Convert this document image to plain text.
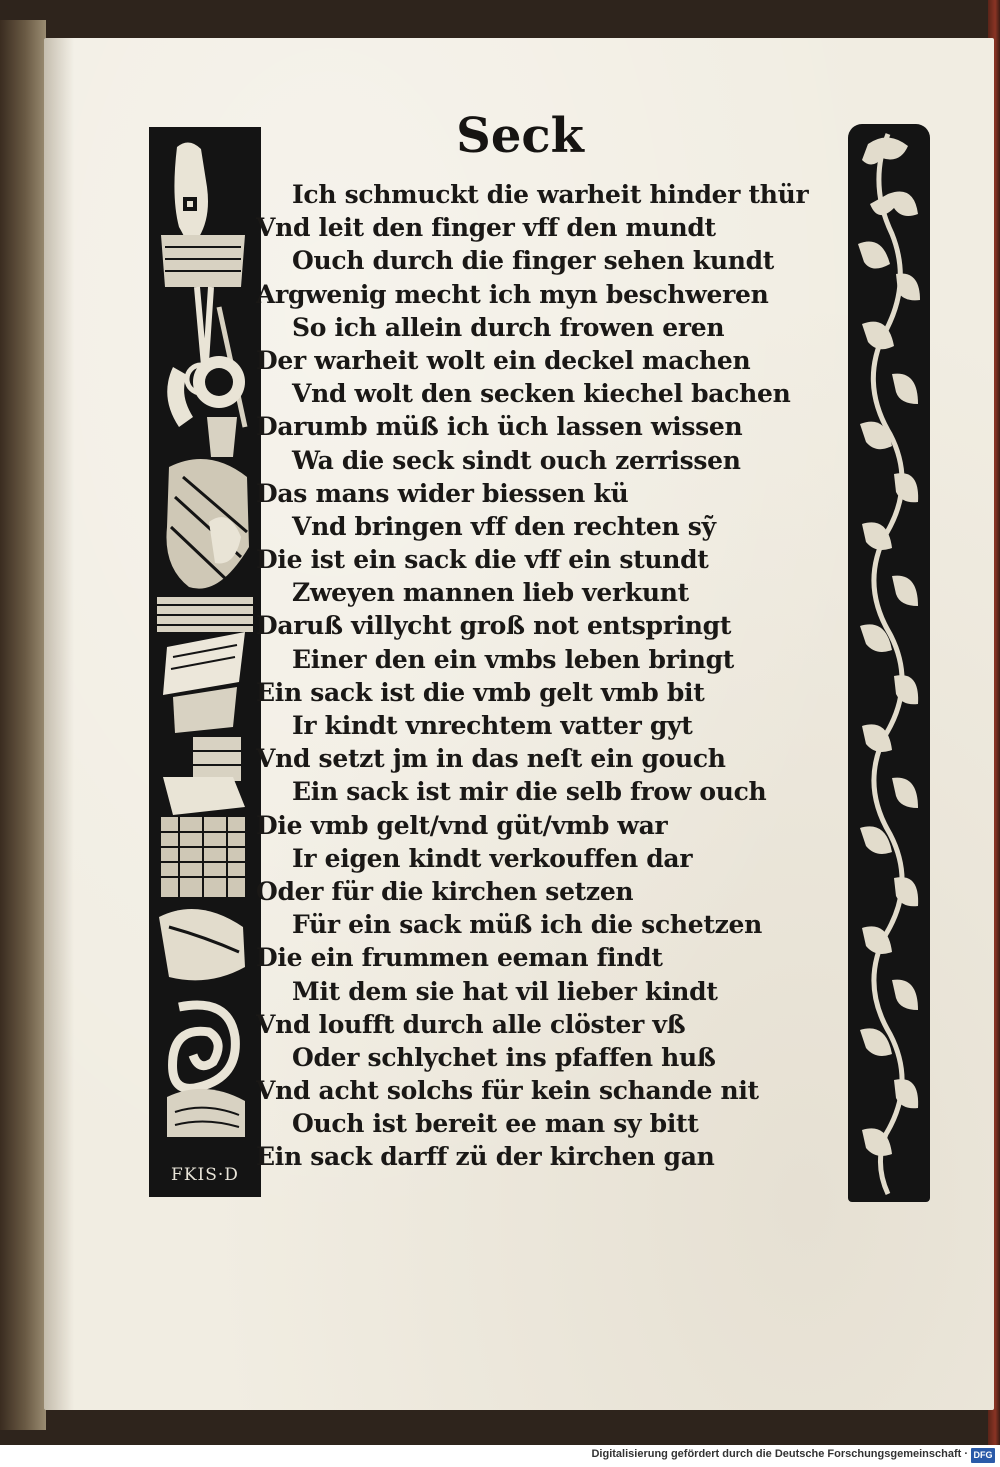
FKIS·D
Seck
Ich schmuckt die warheit hinder thür
Vnd leit den finger vff den mundt
Ouch durch die finger sehen kundt
Argwenig mecht ich myn beschweren
So ich allein durch frowen eren
Der warheit wolt ein deckel machen
Vnd wolt den secken kiechel bachen
Darumb müß ich üch lassen wissen
Wa die seck sindt ouch zerrissen
Das mans wider biessen kü
Vnd bringen vff den rechten sỹ
Die ist ein sack die vff ein stundt
Zweyen mannen lieb verkunt
Daruß villycht groß not entspringt
Einer den ein vmbs leben bringt
Ein sack ist die vmb gelt vmb bit
Ir kindt vnrechtem vatter gyt
Vnd setzt jm in das neſt ein gouch
Ein sack ist mir die selb frow ouch
Die vmb gelt/vnd güt/vmb war
Ir eigen kindt verkouffen dar
Oder für die kirchen setzen
Für ein sack müß ich die schetzen
Die ein frummen eeman findt
Mit dem sie hat vil lieber kindt
Vnd loufft durch alle clöster vß
Oder schlychet ins pfaffen huß
Vnd acht solchs für kein schande nit
Ouch ist bereit ee man sy bitt
Ein sack darff zü der kirchen gan
Digitalisierung gefördert durch die Deutsche Forschungsgemeinschaft · DFG
